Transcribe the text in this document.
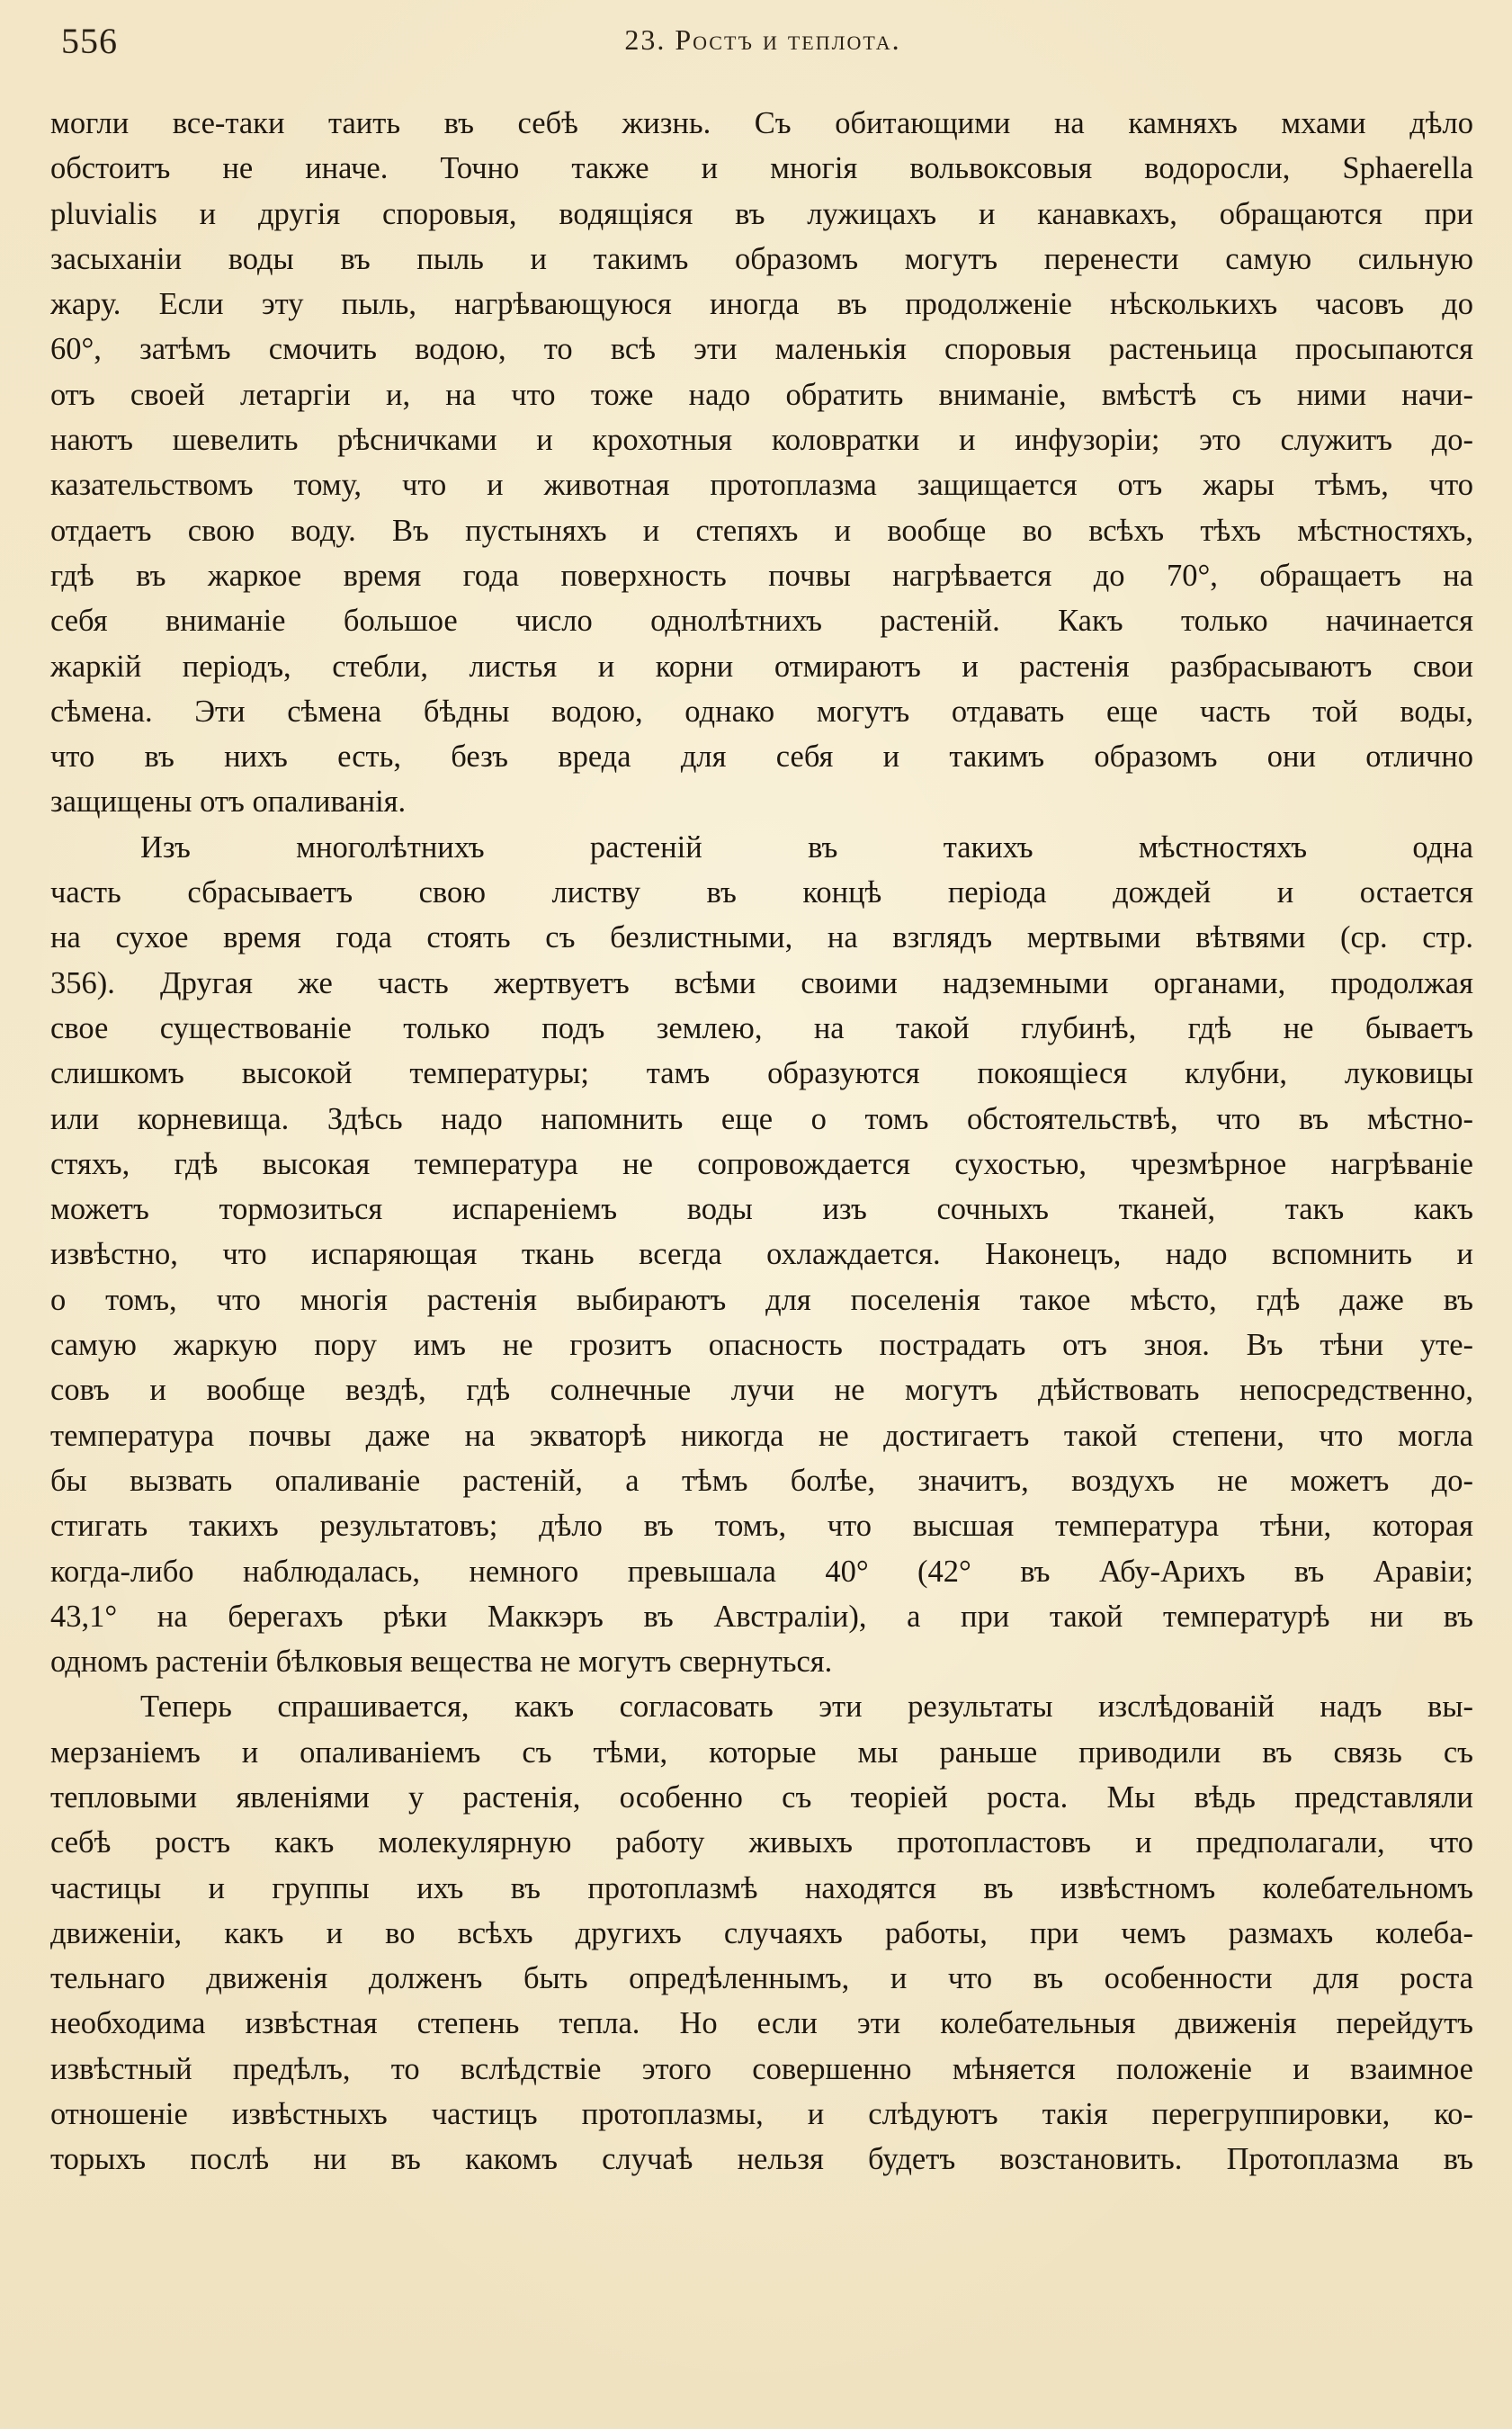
556	23. Ростъ и теплота.
могли все-таки таить въ себѣ жизнь. Съ обитающими на камняхъ мхами дѣло
обстоитъ не иначе. Точно также и многія вольвоксовыя водоросли, Sphaerella
pluvialis и другія споровыя, водящіяся въ лужицахъ и канавкахъ, обращаются при
засыханіи воды въ пыль и такимъ образомъ могутъ перенести самую сильную
жару. Если эту пыль, нагрѣвающуюся иногда въ продолженіе нѣсколькихъ часовъ до
60°, затѣмъ смочить водою, то всѣ эти маленькія споровыя растеньица просыпаются
отъ своей летаргіи и, на что тоже надо обратить вниманіе, вмѣстѣ съ ними начи-
наютъ шевелить рѣсничками и крохотныя коловратки и инфузоріи; это служитъ до-
казательствомъ тому, что и животная протоплазма защищается отъ жары тѣмъ, что
отдаетъ свою воду. Въ пустыняхъ и степяхъ и вообще во всѣхъ тѣхъ мѣстностяхъ,
гдѣ въ жаркое время года поверхность почвы нагрѣвается до 70°, обращаетъ на
себя вниманіе большое число однолѣтнихъ растеній. Какъ только начинается
жаркій періодъ, стебли, листья и корни отмираютъ и растенія разбрасываютъ свои
сѣмена. Эти сѣмена бѣдны водою, однако могутъ отдавать еще часть той воды,
что въ нихъ есть, безъ вреда для себя и такимъ образомъ они отлично
защищены отъ опаливанія.
Изъ многолѣтнихъ растеній въ такихъ мѣстностяхъ одна
часть сбрасываетъ свою листву въ концѣ періода дождей и остается
на сухое время года стоять съ безлистными, на взглядъ мертвыми вѣтвями (ср. стр.
356). Другая же часть жертвуетъ всѣми своими надземными органами, продолжая
свое существованіе только подъ землею, на такой глубинѣ, гдѣ не бываетъ
слишкомъ высокой температуры; тамъ образуются покоящіеся клубни, луковицы
или корневища. Здѣсь надо напомнить еще о томъ обстоятельствѣ, что въ мѣстно-
стяхъ, гдѣ высокая температура не сопровождается сухостью, чрезмѣрное нагрѣваніе
можетъ тормозиться испареніемъ воды изъ сочныхъ тканей, такъ какъ
извѣстно, что испаряющая ткань всегда охлаждается. Наконецъ, надо вспомнить и
о томъ, что многія растенія выбираютъ для поселенія такое мѣсто, гдѣ даже въ
самую жаркую пору имъ не грозитъ опасность пострадать отъ зноя. Въ тѣни уте-
совъ и вообще вездѣ, гдѣ солнечные лучи не могутъ дѣйствовать непосредственно,
температура почвы даже на экваторѣ никогда не достигаетъ такой степени, что могла
бы вызвать опаливаніе растеній, а тѣмъ болѣе, значитъ, воздухъ не можетъ до-
стигать такихъ результатовъ; дѣло въ томъ, что высшая температура тѣни, которая
когда-либо наблюдалась, немного превышала 40° (42° въ Абу-Арихъ въ Аравіи;
43,1° на берегахъ рѣки Маккэръ въ Австраліи), а при такой температурѣ ни въ
одномъ растеніи бѣлковыя вещества не могутъ свернуться.
Теперь спрашивается, какъ согласовать эти результаты изслѣдованій надъ вы-
мерзаніемъ и опаливаніемъ съ тѣми, которые мы раньше приводили въ связь съ
тепловыми явленіями у растенія, особенно съ теоріей роста. Мы вѣдь представляли
себѣ ростъ какъ молекулярную работу живыхъ протопластовъ и предполагали, что
частицы и группы ихъ въ протоплазмѣ находятся въ извѣстномъ колебательномъ
движеніи, какъ и во всѣхъ другихъ случаяхъ работы, при чемъ размахъ колеба-
тельнаго движенія долженъ быть опредѣленнымъ, и что въ особенности для роста
необходима извѣстная степень тепла. Но если эти колебательныя движенія перейдутъ
извѣстный предѣлъ, то вслѣдствіе этого совершенно мѣняется положеніе и взаимное
отношеніе извѣстныхъ частицъ протоплазмы, и слѣдуютъ такія перегруппировки, ко-
торыхъ послѣ ни въ какомъ случаѣ нельзя будетъ возстановить. Протоплазма въ
